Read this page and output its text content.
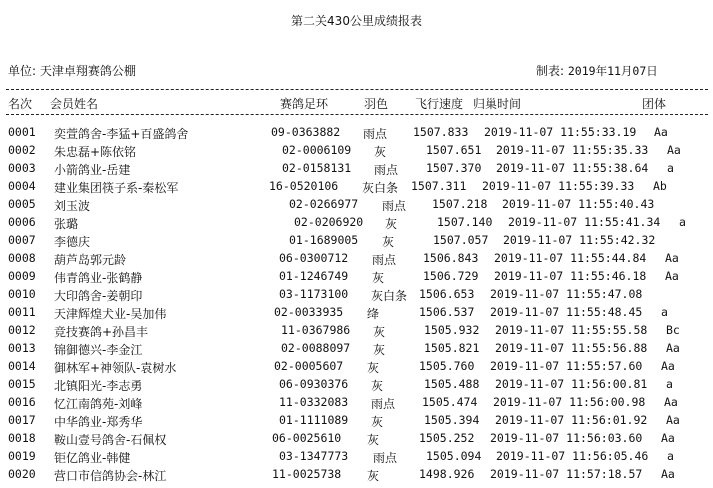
第二关430公里成绩报表
单位: 天津卓翔赛鸽公棚	制表: 2019年11月07日
名次 会员姓名	赛鸽足环	羽色 飞行速度 归巢时间	团体
0001 奕萱鸽舍-李猛+百盛鸽舍	09-0363882 雨点 1507.833 2019-11-07 11:55:33.19 Aa
0002 朱忠磊+陈依铭	02-0006109 灰	1507.651 2019-11-07 11:55:35.33 Aa
0003 小箭鸽业-岳建	02-0158131 雨点 1507.370 2019-11-07 11:55:38.64 a
0004 建业集团筷子系-秦松军	16-0520106 灰白条 1507.311 2019-11-07 11:55:39.33 Ab
0005 刘玉波	02-0266977 雨点 1507.218 2019-11-07 11:55:40.43
0006 张璐	02-0206920 灰	1507.140 2019-11-07 11:55:41.34 a
0007 李德庆	01-1689005 灰	1507.057 2019-11-07 11:55:42.32
0008 葫芦岛郭元龄	06-0300712 雨点 1506.843 2019-11-07 11:55:44.84 Aa
0009 伟青鸽业-张鹤静	01-1246749 灰	1506.729 2019-11-07 11:55:46.18 Aa
0010 大印鸽舍-姜朝印	03-1173100 灰白条 1506.653 2019-11-07 11:55:47.08
0011 天津辉煌犬业-吴加伟	02-0033935 绛	1506.537 2019-11-07 11:55:48.45 a
0012 竞技赛鸽+孙昌丰	11-0367986 灰	1505.932 2019-11-07 11:55:55.58 Bc
0013 锦御德兴-李金江	02-0088097 灰	1505.821 2019-11-07 11:55:56.88 Aa
0014 御林军+神领队-袁树水	02-0005607 灰	1505.760 2019-11-07 11:55:57.60 Aa
0015 北镇阳光-李志勇	06-0930376 灰	1505.488 2019-11-07 11:56:00.81 a
0016 忆江南鸽苑-刘峰	11-0332083 雨点 1505.474 2019-11-07 11:56:00.98 Aa
0017 中华鸽业-郑秀华	01-1111089 灰	1505.394 2019-11-07 11:56:01.92 Aa
0018 鞍山壹号鸽舍-石佩权	06-0025610 灰	1505.252 2019-11-07 11:56:03.60 Aa
0019 钜亿鸽业-韩健	03-1347773 雨点	1505.094 2019-11-07 11:56:05.46 a
0020 营口市信鸽协会-林江	11-0025738 灰	1498.926 2019-11-07 11:57:18.57 Aa
